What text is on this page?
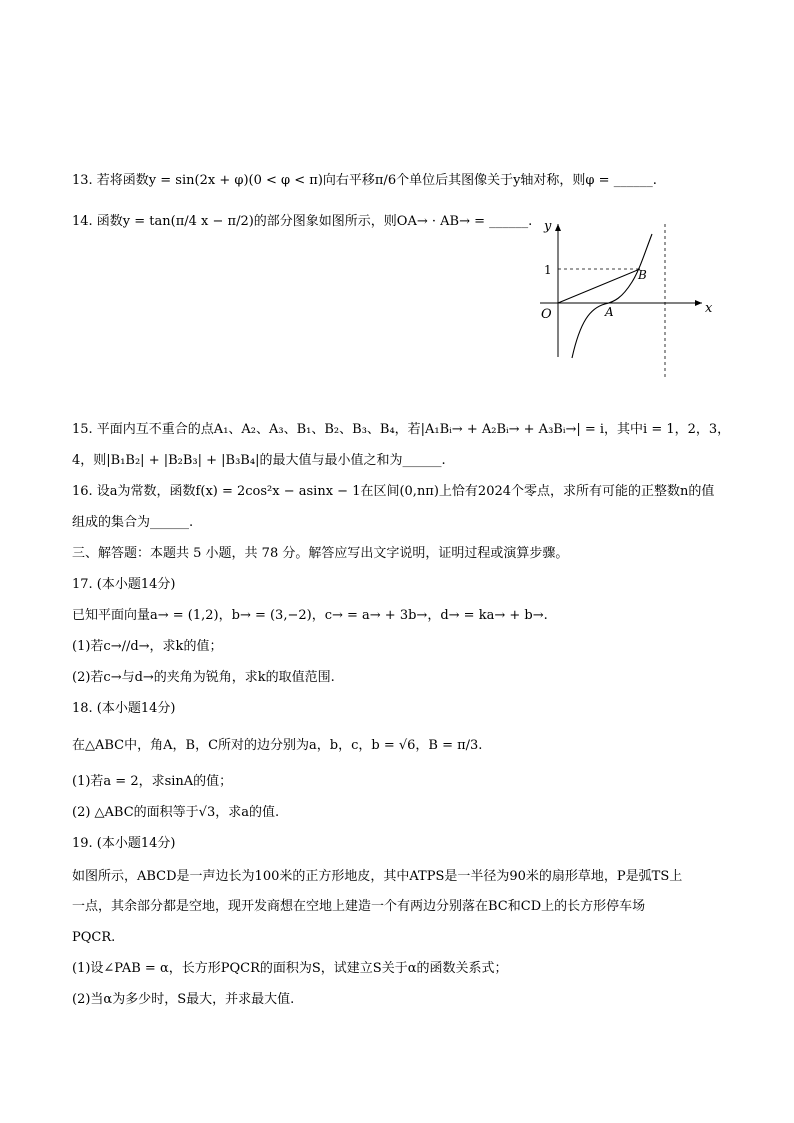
13. 若将函数y = sin(2x + φ)(0 < φ < π)向右平移π/6个单位后其图像关于y轴对称，则φ = ______.
14. 函数y = tan(π/4 x − π/2)的部分图象如图所示，则OA→ · AB→ = ______. y
x
O
1
A
B
15. 平面内互不重合的点A₁、A₂、A₃、B₁、B₂、B₃、B₄，若|A₁Bᵢ→ + A₂Bᵢ→ + A₃Bᵢ→| = i，其中i = 1，2，3，
4，则|B₁B₂| + |B₂B₃| + |B₃B₄|的最大值与最小值之和为______.
16. 设a为常数，函数f(x) = 2cos²x − asinx − 1在区间(0,nπ)上恰有2024个零点，求所有可能的正整数n的值
组成的集合为______.
三、解答题：本题共 5 小题，共 78 分。解答应写出文字说明，证明过程或演算步骤。
17. (本小题14分)
已知平面向量a→ = (1,2)，b→ = (3,−2)，c→ = a→ + 3b→，d→ = ka→ + b→.
(1)若c→//d→，求k的值；
(2)若c→与d→的夹角为锐角，求k的取值范围.
18. (本小题14分)
在△ABC中，角A，B，C所对的边分别为a，b，c，b = √6，B = π/3.
(1)若a = 2，求sinA的值；
(2) △ABC的面积等于√3，求a的值.
19. (本小题14分)
如图所示，ABCD是一声边长为100米的正方形地皮，其中ATPS是一半径为90米的扇形草地，P是弧TS上
一点，其余部分都是空地，现开发商想在空地上建造一个有两边分别落在BC和CD上的长方形停车场
PQCR.
(1)设∠PAB = α，长方形PQCR的面积为S，试建立S关于α的函数关系式；
(2)当α为多少时，S最大，并求最大值.
